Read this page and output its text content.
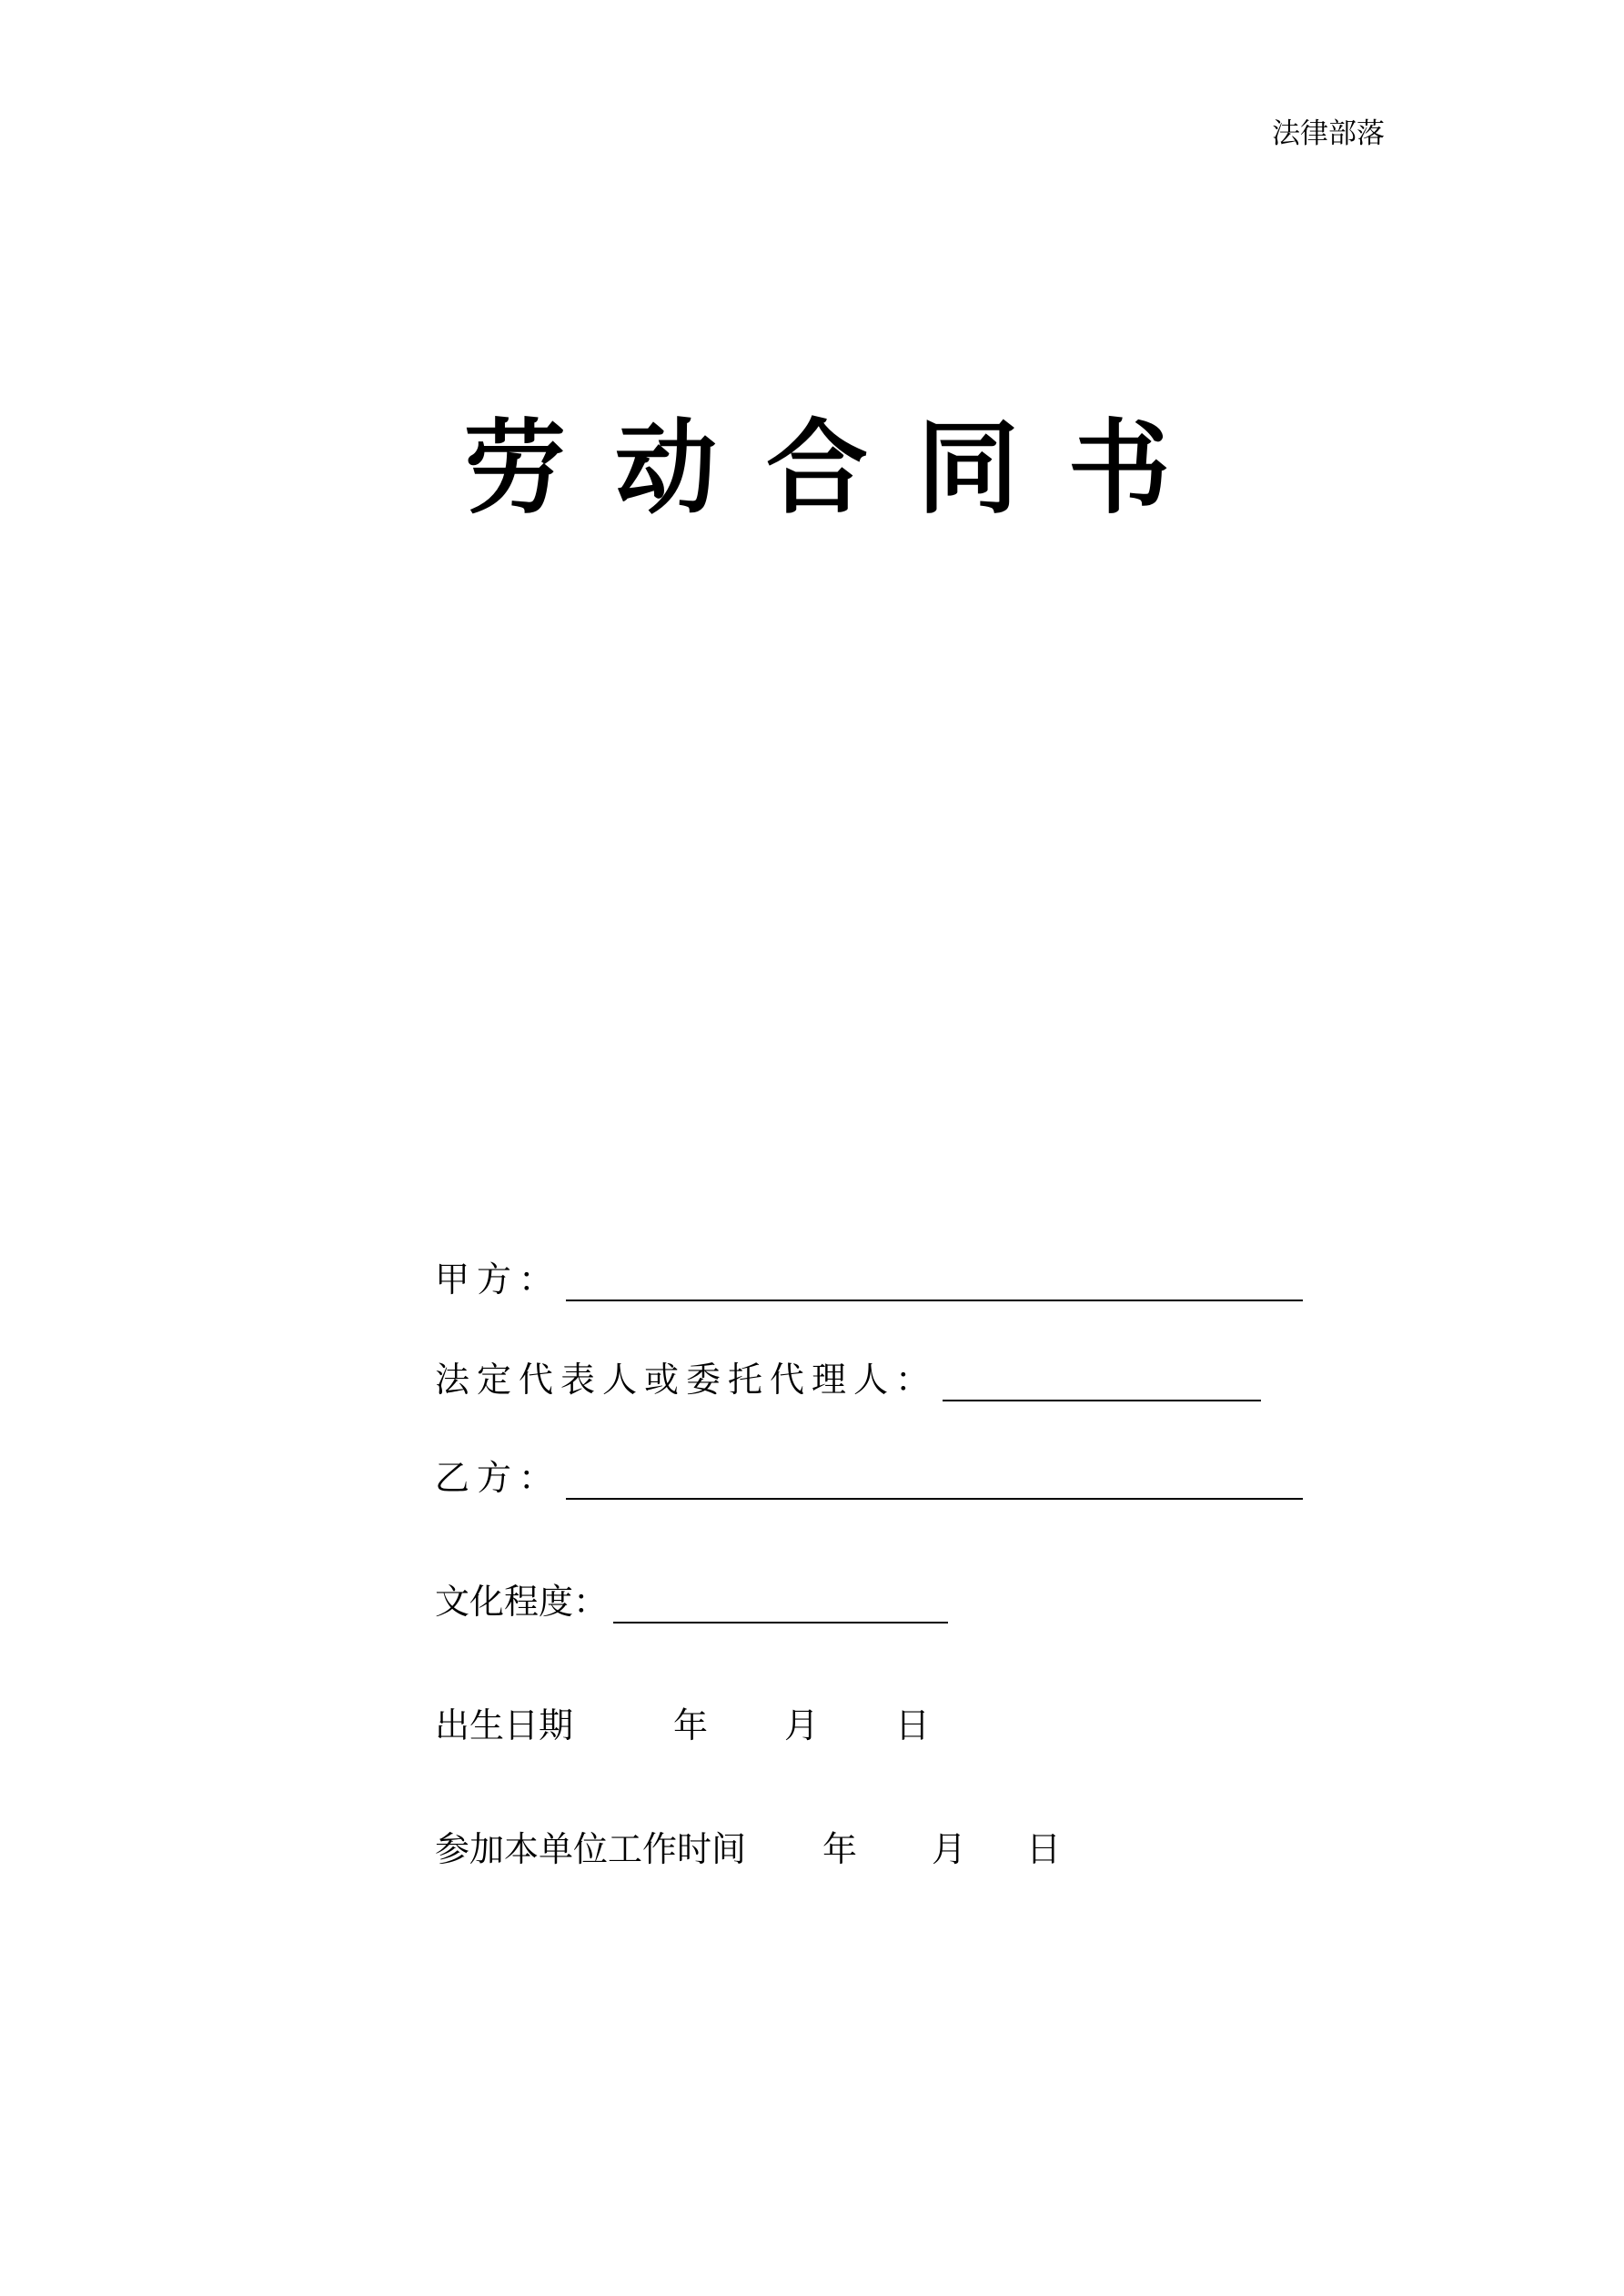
法律部落
劳动合同书
甲方：
法定代表人或委托代理人：
乙方：
文化程度：
出生日期	年 月 日
参加本单位工作时间 年 月 日
